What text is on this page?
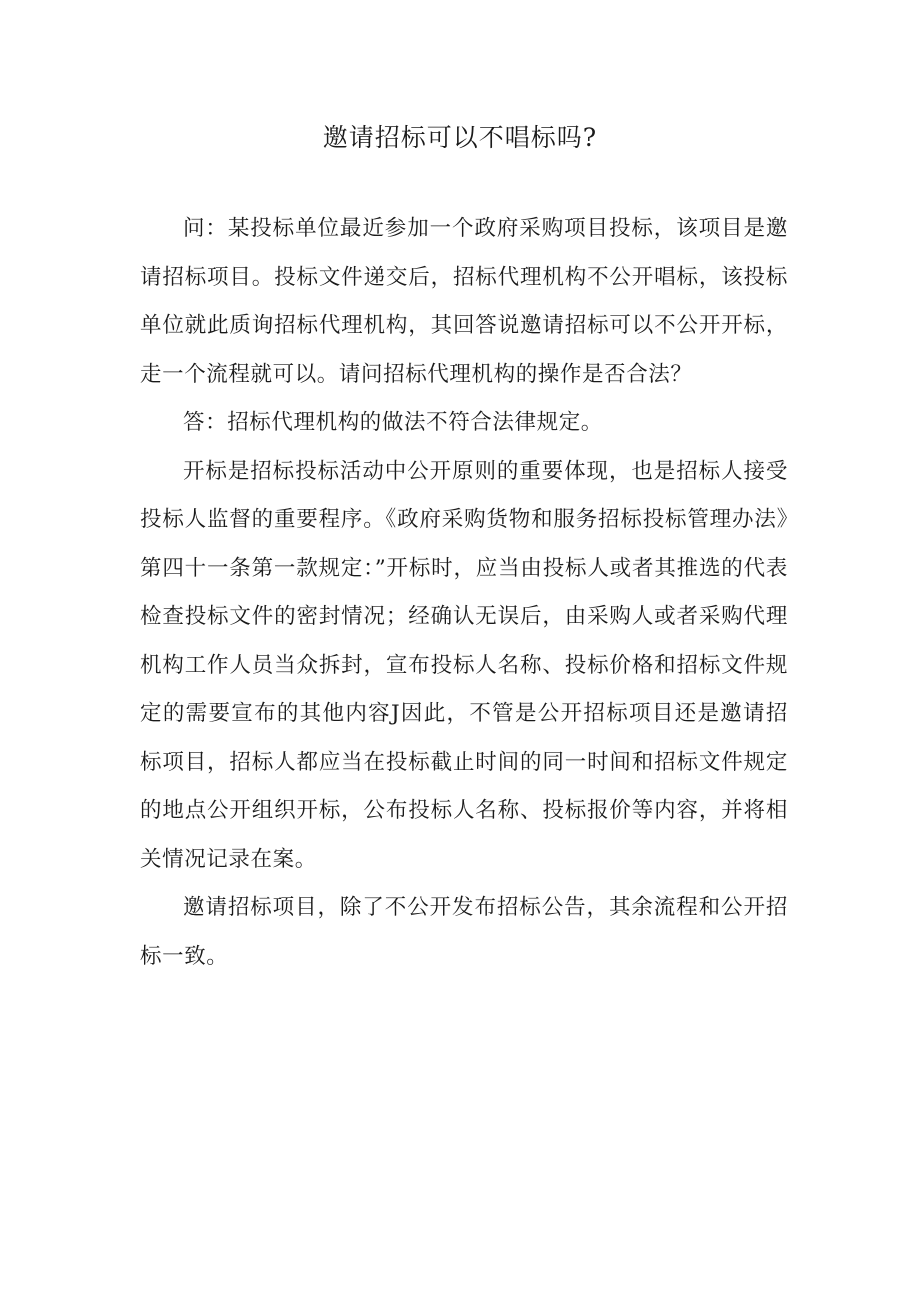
邀请招标可以不唱标吗?

问：某投标单位最近参加一个政府采购项目投标，该项目是邀请招标项目。投标文件递交后，招标代理机构不公开唱标，该投标单位就此质询招标代理机构，其回答说邀请招标可以不公开开标，走一个流程就可以。请问招标代理机构的操作是否合法？

答：招标代理机构的做法不符合法律规定。

开标是招标投标活动中公开原则的重要体现，也是招标人接受投标人监督的重要程序。《政府采购货物和服务招标投标管理办法》第四十一条第一款规定：”开标时，应当由投标人或者其推选的代表检查投标文件的密封情况；经确认无误后，由采购人或者采购代理机构工作人员当众拆封，宣布投标人名称、投标价格和招标文件规定的需要宣布的其他内容J因此，不管是公开招标项目还是邀请招标项目，招标人都应当在投标截止时间的同一时间和招标文件规定的地点公开组织开标，公布投标人名称、投标报价等内容，并将相关情况记录在案。

邀请招标项目，除了不公开发布招标公告，其余流程和公开招标一致。
